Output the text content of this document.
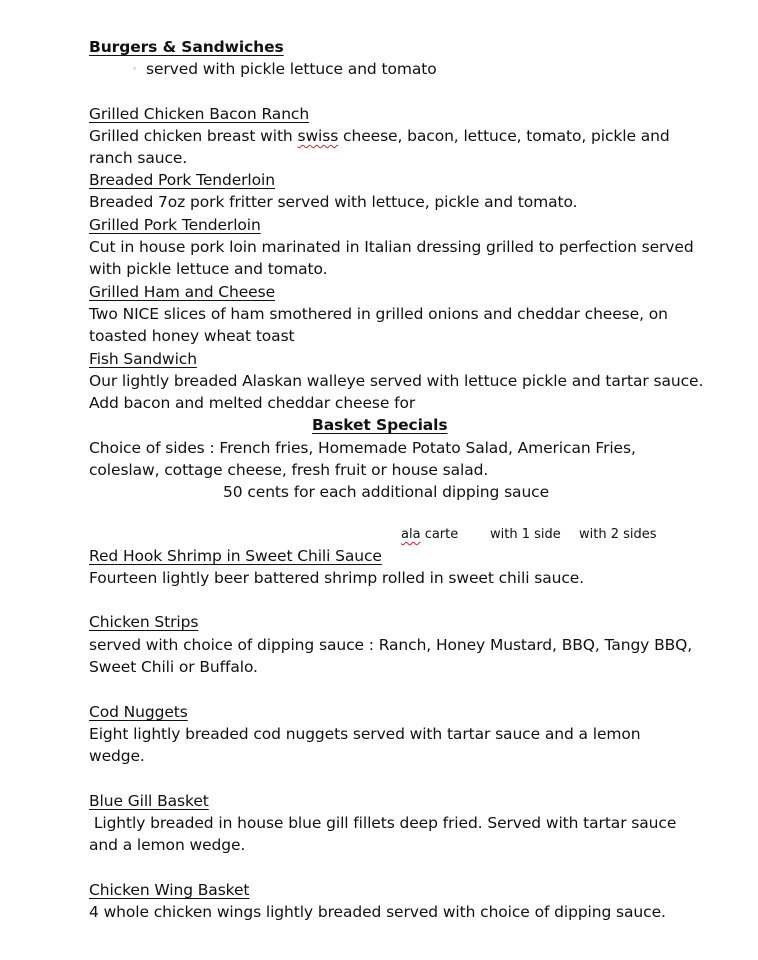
Burgers & Sandwiches
served with pickle lettuce and tomato
Grilled Chicken Bacon Ranch
Grilled chicken breast with swiss cheese, bacon, lettuce, tomato, pickle and
ranch sauce.
Breaded Pork Tenderloin
Breaded 7oz pork fritter served with lettuce, pickle and tomato.
Grilled Pork Tenderloin
Cut in house pork loin marinated in Italian dressing grilled to perfection served
with pickle lettuce and tomato.
Grilled Ham and Cheese
Two NICE slices of ham smothered in grilled onions and cheddar cheese, on
toasted honey wheat toast
Fish Sandwich
Our lightly breaded Alaskan walleye served with lettuce pickle and tartar sauce.
Add bacon and melted cheddar cheese for
Basket Specials
Choice of sides : French fries, Homemade Potato Salad, American Fries,
coleslaw, cottage cheese, fresh fruit or house salad.
50 cents for each additional dipping sauce
ala carte with 1 side with 2 sides
Red Hook Shrimp in Sweet Chili Sauce
Fourteen lightly beer battered shrimp rolled in sweet chili sauce.
Chicken Strips
served with choice of dipping sauce : Ranch, Honey Mustard, BBQ, Tangy BBQ,
Sweet Chili or Buffalo.
Cod Nuggets
Eight lightly breaded cod nuggets served with tartar sauce and a lemon
wedge.
Blue Gill Basket
Lightly breaded in house blue gill fillets deep fried. Served with tartar sauce
and a lemon wedge.
Chicken Wing Basket
4 whole chicken wings lightly breaded served with choice of dipping sauce.
